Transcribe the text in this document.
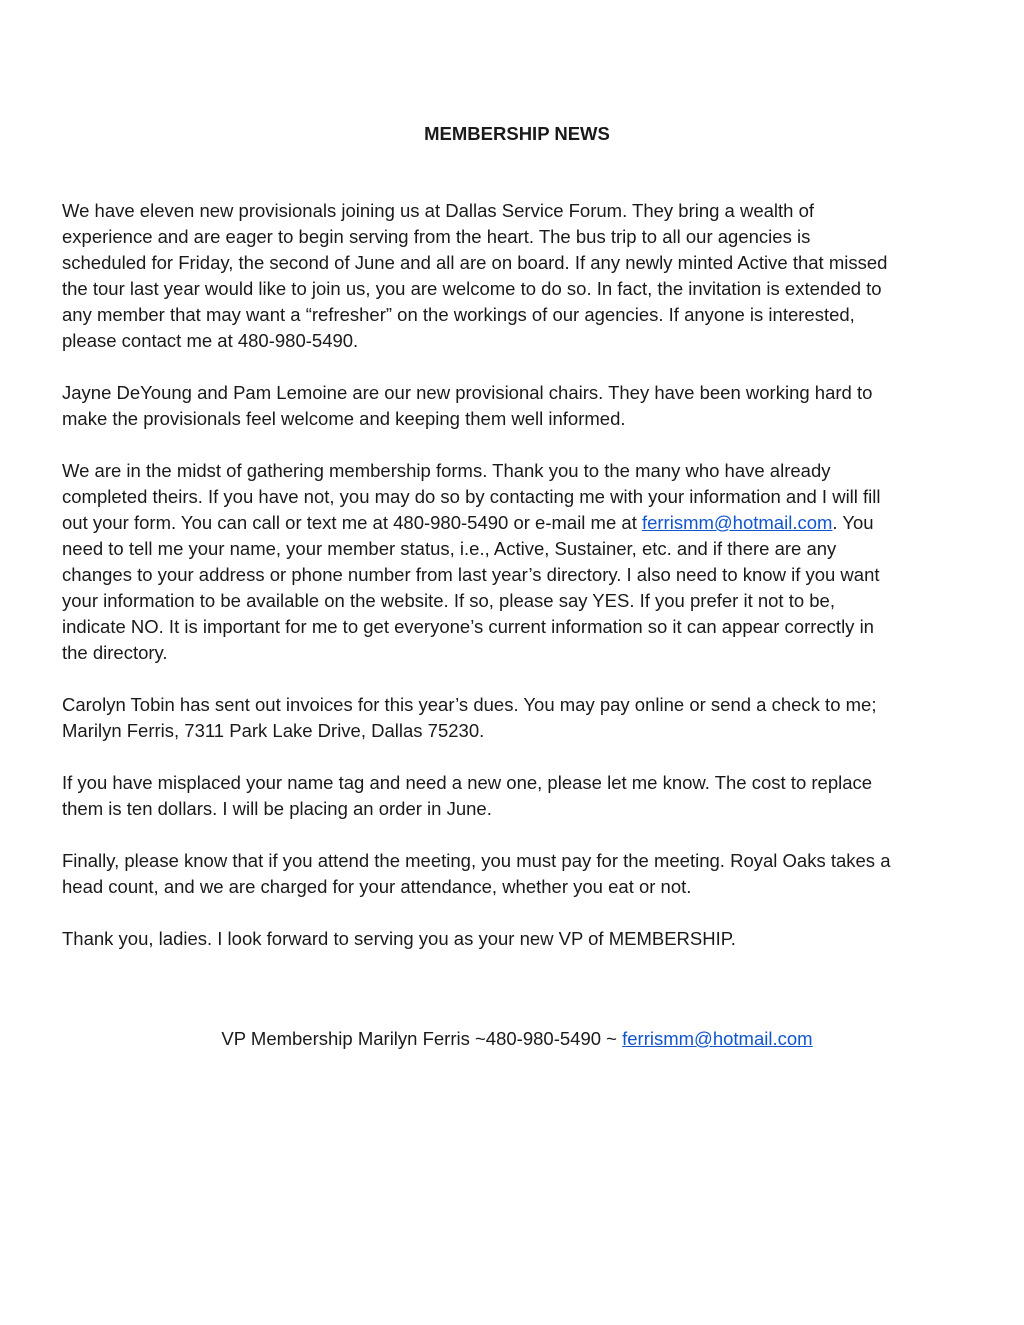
MEMBERSHIP NEWS

We have eleven new provisionals joining us at Dallas Service Forum. They bring a wealth of
experience and are eager to begin serving from the heart. The bus trip to all our agencies is
scheduled for Friday, the second of June and all are on board. If any newly minted Active that missed
the tour last year would like to join us, you are welcome to do so. In fact, the invitation is extended to
any member that may want a “refresher” on the workings of our agencies. If anyone is interested,
please contact me at 480-980-5490.

Jayne DeYoung and Pam Lemoine are our new provisional chairs. They have been working hard to
make the provisionals feel welcome and keeping them well informed.

We are in the midst of gathering membership forms. Thank you to the many who have already
completed theirs. If you have not, you may do so by contacting me with your information and I will fill
out your form. You can call or text me at 480-980-5490 or e-mail me at ferrismm@hotmail.com. You
need to tell me your name, your member status, i.e., Active, Sustainer, etc. and if there are any
changes to your address or phone number from last year’s directory. I also need to know if you want
your information to be available on the website. If so, please say YES. If you prefer it not to be,
indicate NO. It is important for me to get everyone’s current information so it can appear correctly in
the directory.

Carolyn Tobin has sent out invoices for this year’s dues. You may pay online or send a check to me;
Marilyn Ferris, 7311 Park Lake Drive, Dallas 75230.

If you have misplaced your name tag and need a new one, please let me know. The cost to replace
them is ten dollars. I will be placing an order in June.

Finally, please know that if you attend the meeting, you must pay for the meeting. Royal Oaks takes a
head count, and we are charged for your attendance, whether you eat or not.

Thank you, ladies. I look forward to serving you as your new VP of MEMBERSHIP.

VP Membership Marilyn Ferris ~480-980-5490 ~ ferrismm@hotmail.com
